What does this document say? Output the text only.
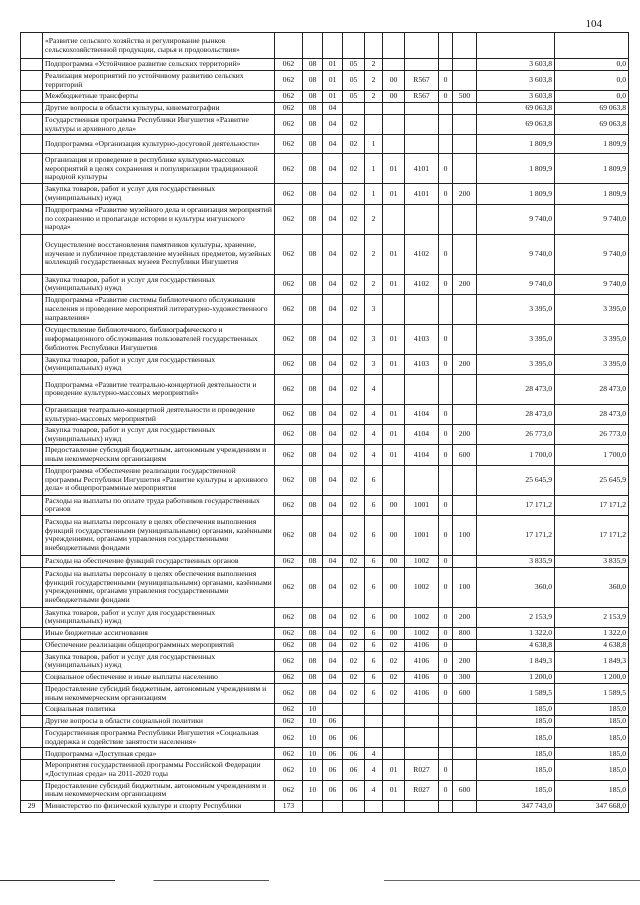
104
	«Развитие сельского хозяйства и регулирование рынков сельскохозяйственной продукции, сырья и продовольствия»											
	Подпрограмма «Устойчивое развитие сельских территорий»	062	08	01	05	2					3 603,8	0,0
	Реализация мероприятий по устойчивому развитию сельских территорий	062	08	01	05	2	00	R567	0		3 603,8	0,0
	Межбюджетные трансферты	062	08	01	05	2	00	R567	0	500	3 603,8	0,0
	Другие вопросы в области культуры, кинематографии	062	08	04							69 063,8	69 063,8
	Государственная программа Республики Ингушетия «Развитие культуры и архивного дела»	062	08	04	02						69 063,8	69 063,8
	Подпрограмма «Организация культурно-досуговой деятельности»	062	08	04	02	1					1 809,9	1 809,9
	Организация и проведение в республике культурно-массовых мероприятий в целях сохранения и популяризации традиционной народной культуры	062	08	04	02	1	01	4101	0		1 809,9	1 809,9
	Закупка товаров, работ и услуг для государственных (муниципальных) нужд	062	08	04	02	1	01	4101	0	200	1 809,9	1 809,9
	Подпрограмма «Развитие музейного дела и организация мероприятий по сохранению и пропаганде истории и культуры ингушского народа»	062	08	04	02	2					9 740,0	9 740,0
	Осуществление восстановления памятников культуры, хранение, изучение и публичное представление музейных предметов, музейных коллекций государственных музеев Республики Ингушетия	062	08	04	02	2	01	4102	0		9 740,0	9 740,0
	Закупка товаров, работ и услуг для государственных (муниципальных) нужд	062	08	04	02	2	01	4102	0	200	9 740,0	9 740,0
	Подпрограмма «Развитие системы библиотечного обслуживания населения и проведение мероприятий литературно-художественного направления»	062	08	04	02	3					3 395,0	3 395,0
	Осуществление библиотечного, библиографического и информационного обслуживания пользователей государственных библиотек Республики Ингушетия	062	08	04	02	3	01	4103	0		3 395,0	3 395,0
	Закупка товаров, работ и услуг для государственных (муниципальных) нужд	062	08	04	02	3	01	4103	0	200	3 395,0	3 395,0
	Подпрограмма «Развитие театрально-концертной деятельности и проведение культурно-массовых мероприятий»	062	08	04	02	4					28 473,0	28 473,0
	Организация театрально-концертной деятельности и проведение культурно-массовых мероприятий	062	08	04	02	4	01	4104	0		28 473,0	28 473,0
	Закупка товаров, работ и услуг для государственных (муниципальных) нужд	062	08	04	02	4	01	4104	0	200	26 773,0	26 773,0
	Предоставление субсидий бюджетным, автономным учреждениям и иным некоммерческим организациям	062	08	04	02	4	01	4104	0	600	1 700,0	1 700,0
	Подпрограмма «Обеспечение реализации государственной программы Республики Ингушетия «Развитие культуры и архивного дела» и общепрограммные мероприятия	062	08	04	02	6					25 645,9	25 645,9
	Расходы на выплаты по оплате труда работников государственных органов	062	08	04	02	6	00	1001	0		17 171,2	17 171,2
	Расходы на выплаты персоналу в целях обеспечения выполнения функций государственными (муниципальными) органами, казёнными учреждениями, органами управления государственными внебюджетными фондами	062	08	04	02	6	00	1001	0	100	17 171,2	17 171,2
	Расходы на обеспечение функций государственных органов	062	08	04	02	6	00	1002	0		3 835,9	3 835,9
	Расходы на выплаты персоналу в целях обеспечения выполнения функций государственными (муниципальными) органами, казёнными учреждениями, органами управления государственными внебюджетными фондами	062	08	04	02	6	00	1002	0	100	360,0	360,0
	Закупка товаров, работ и услуг для государственных (муниципальных) нужд	062	08	04	02	6	00	1002	0	200	2 153,9	2 153,9
	Иные бюджетные ассигнования	062	08	04	02	6	00	1002	0	800	1 322,0	1 322,0
	Обеспечение реализации общепрограммных мероприятий	062	08	04	02	6	02	4106	0		4 638,8	4 638,8
	Закупка товаров, работ и услуг для государственных (муниципальных) нужд	062	08	04	02	6	02	4106	0	200	1 849,3	1 849,3
	Социальное обеспечение и иные выплаты населению	062	08	04	02	6	02	4106	0	300	1 200,0	1 200,0
	Предоставление субсидий бюджетным, автономным учреждениям и иным некоммерческим организациям	062	08	04	02	6	02	4106	0	600	1 589,5	1 589,5
	Социальная политика	062	10								185,0	185,0
	Другие вопросы в области социальной политики	062	10	06							185,0	185,0
	Государственная программа Республики Ингушетия «Социальная поддержка и содействие занятости населения»	062	10	06	06						185,0	185,0
	Подпрограмма «Доступная среда»	062	10	06	06	4					185,0	185,0
	Мероприятия государственной программы Российской Федерации «Доступная среда» на 2011-2020 годы	062	10	06	06	4	01	R027	0		185,0	185,0
	Предоставление субсидий бюджетным, автономным учреждениям и иным некоммерческим организациям	062	10	06	06	4	01	R027	0	600	185,0	185,0
29	Министерство по физической культуре и спорту Республики	173									347 743,0	347 668,0
